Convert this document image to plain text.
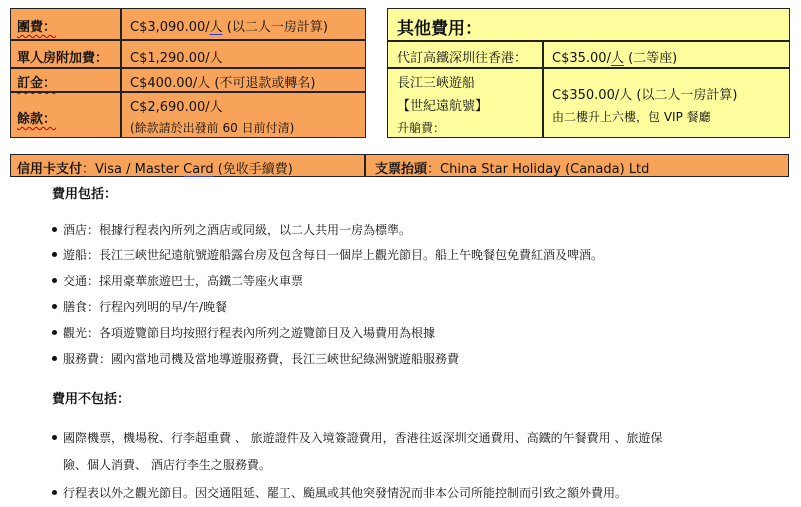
團費：	C$3,090.00/人 (以二人一房計算)
單人房附加費： C$1,290.00/人
訂金：	C$400.00/人 (不可退款或轉名)
餘款：
C$2,690.00/人
(餘款請於出發前 60 日前付清)
其他費用：
代訂高鐵深圳往香港： C$35.00/人 (二等座)
長江三峽遊船
【世紀遠航號】
升艙費：
C$350.00/人 (以二人一房計算)
由二樓升上六樓，包 VIP 餐廳
信用卡支付：Visa / Master Card (免收手續費)	支票抬頭：China Star Holiday (Canada) Ltd
費用包括：
酒店：根據行程表內所列之酒店或同級，以二人共用一房為標準。
遊船：長江三峽世紀遠航號遊船露台房及包含每日一個岸上觀光節目。船上午晚餐包免費紅酒及啤酒。
交通：採用豪華旅遊巴士，高鐵二等座火車票
膳食：行程內列明的早/午/晚餐
觀光：各項遊覽節目均按照行程表內所列之遊覽節目及入場費用為根據
服務費：國內當地司機及當地導遊服務費，長江三峽世紀綠洲號遊船服務費
費用不包括：
國際機票，機場稅、行李超重費 、 旅遊證件及入境簽證費用，香港往返深圳交通費用、高鐵的午餐費用 、旅遊保
險、個人消費、 酒店行李生之服務費。
行程表以外之觀光節目。因交通阻延、罷工、颱風或其他突發情況而非本公司所能控制而引致之額外費用。
